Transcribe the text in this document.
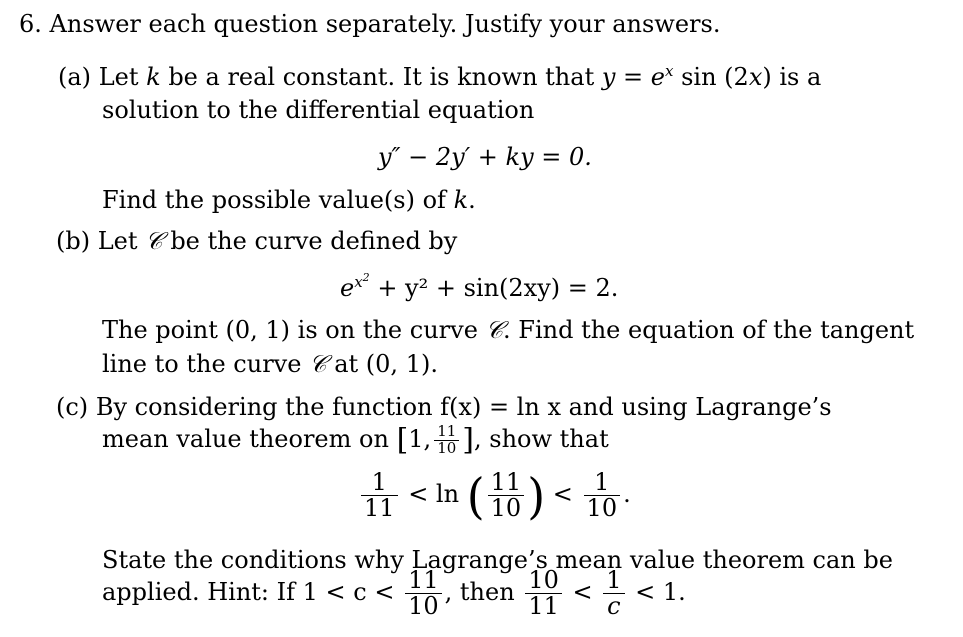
6. Answer each question separately. Justify your answers.
(a) Let k be a real constant. It is known that $y = e^x$ sin (2x) is a
solution to the differential equation
y″ − 2y′ + ky = 0.
Find the possible value(s) of k.
(b) Let 𝒞 be the curve defined by
$e^{x^2} + y^2 + \sin(2xy) = 2$.
The point (0, 1) is on the curve 𝒞. Find the equation of the tangent
line to the curve 𝒞 at (0, 1).
(c) By considering the function f(x) = ln x and using Lagrange’s
mean value theorem on [1, $\frac{11}{10}$ ], show that
$\frac{1}{11} < \ln$ ( $\frac{11}{10}$ ) < $\frac{1}{10}$ .
State the conditions why Lagrange’s mean value theorem can be
applied. Hint: If $1 < c < \frac{11}{10}$ , then $\frac{10}{11} < \frac{1}{c} < 1$.
